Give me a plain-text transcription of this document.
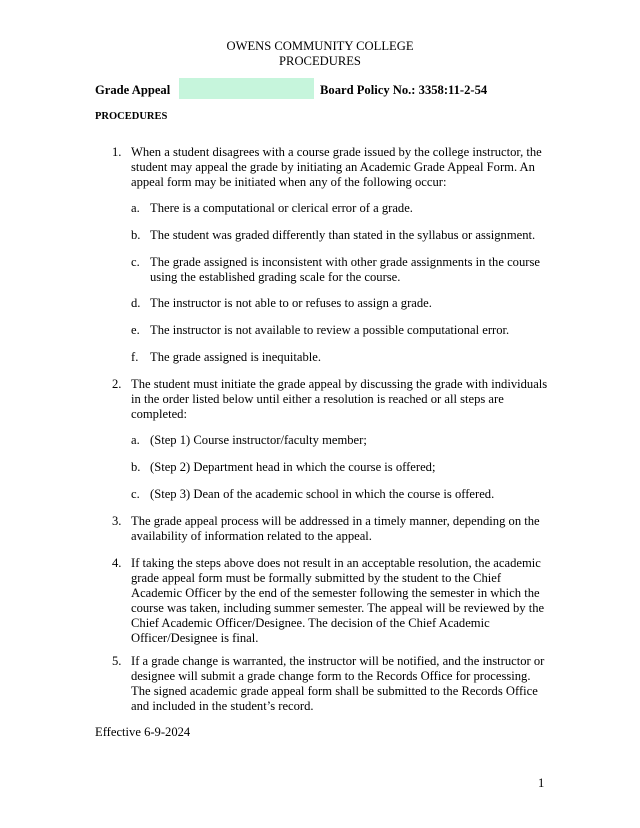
OWENS COMMUNITY COLLEGE
PROCEDURES
Grade Appeal	Board Policy No.: 3358:11-2-54
PROCEDURES
1. When a student disagrees with a course grade issued by the college instructor, the student may appeal the grade by initiating an Academic Grade Appeal Form. An appeal form may be initiated when any of the following occur:
a. There is a computational or clerical error of a grade.
b. The student was graded differently than stated in the syllabus or assignment.
c. The grade assigned is inconsistent with other grade assignments in the course using the established grading scale for the course.
d. The instructor is not able to or refuses to assign a grade.
e. The instructor is not available to review a possible computational error.
f. The grade assigned is inequitable.
2. The student must initiate the grade appeal by discussing the grade with individuals in the order listed below until either a resolution is reached or all steps are completed:
a. (Step 1) Course instructor/faculty member;
b. (Step 2) Department head in which the course is offered;
c. (Step 3) Dean of the academic school in which the course is offered.
3. The grade appeal process will be addressed in a timely manner, depending on the availability of information related to the appeal.
4. If taking the steps above does not result in an acceptable resolution, the academic grade appeal form must be formally submitted by the student to the Chief Academic Officer by the end of the semester following the semester in which the course was taken, including summer semester. The appeal will be reviewed by the Chief Academic Officer/Designee. The decision of the Chief Academic Officer/Designee is final.
5. If a grade change is warranted, the instructor will be notified, and the instructor or designee will submit a grade change form to the Records Office for processing. The signed academic grade appeal form shall be submitted to the Records Office and included in the student’s record.
Effective 6-9-2024
1
